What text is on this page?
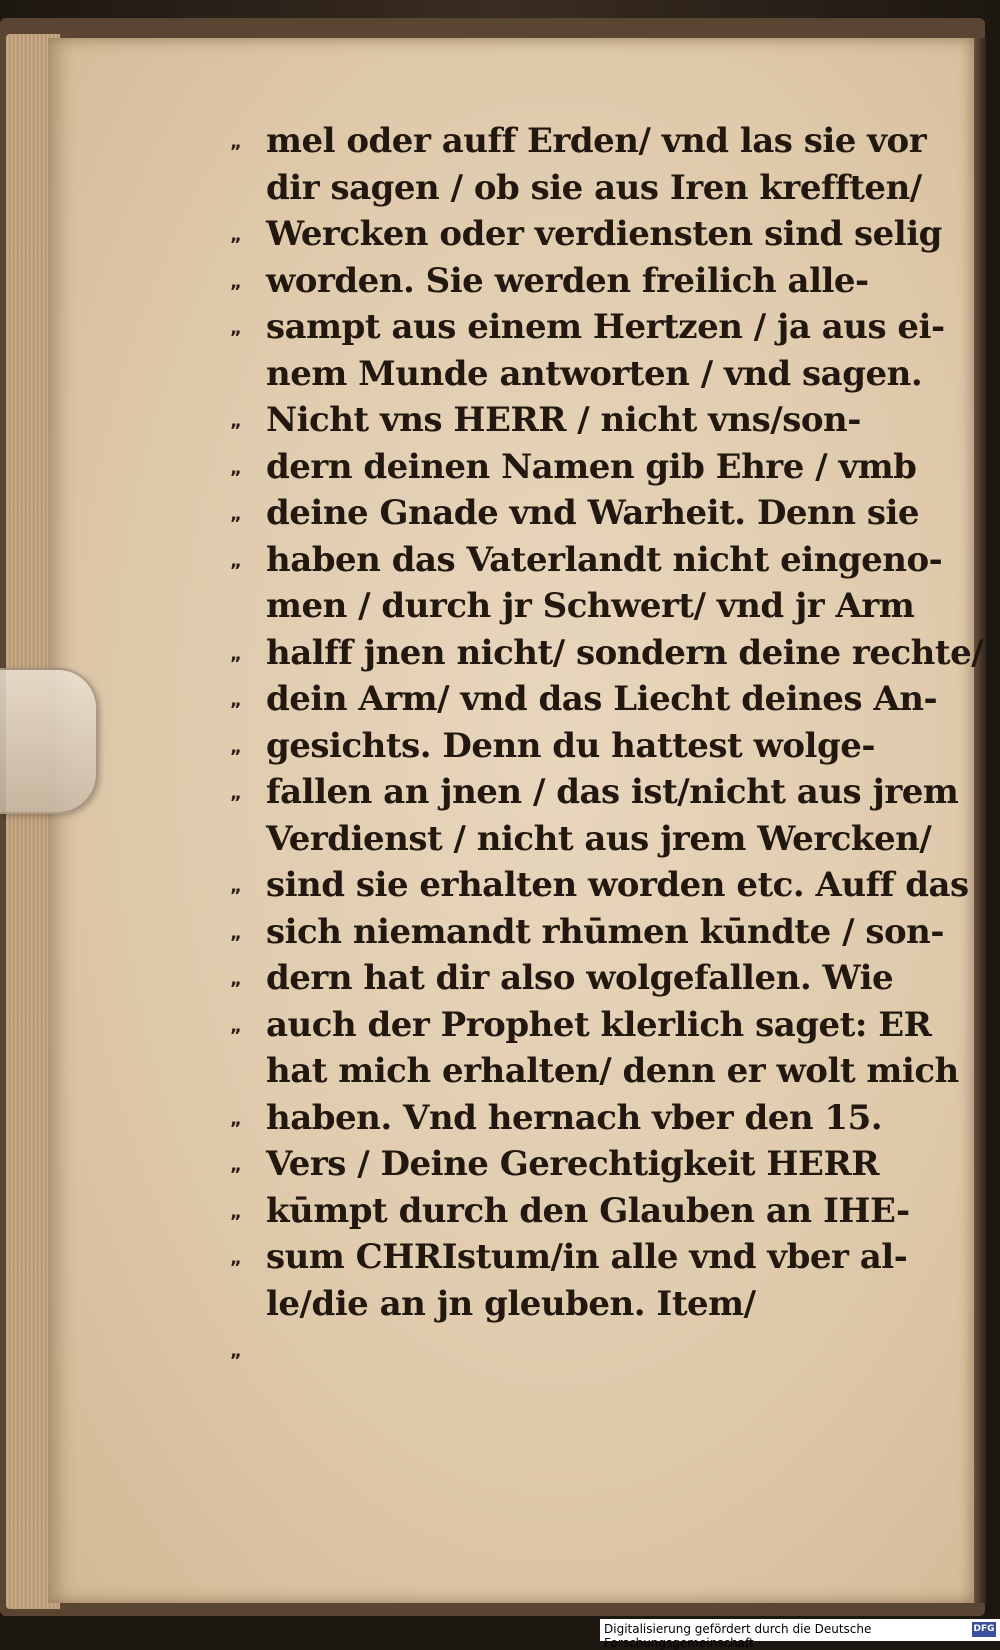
„ mel oder auff Erden/ vnd las sie vor
dir sagen / ob sie aus Iren krefften/
„ Wercken oder verdiensten sind selig
„ worden. Sie werden freilich alle-
„ sampt aus einem Hertzen / ja aus ei-
nem Munde antworten / vnd sagen.
„ Nicht vns HERR / nicht vns/son-
„ dern deinen Namen gib Ehre / vmb
„ deine Gnade vnd Warheit. Denn sie
„ haben das Vaterlandt nicht eingeno-
men / durch jr Schwert/ vnd jr Arm
„ halff jnen nicht/ sondern deine rechte/
„ dein Arm/ vnd das Liecht deines An-
„ gesichts. Denn du hattest wolge-
„ fallen an jnen / das ist/nicht aus jrem
Verdienst / nicht aus jrem Wercken/
„ sind sie erhalten worden etc. Auff das
„ sich niemandt rhūmen kūndte / son-
„ dern hat dir also wolgefallen. Wie
„ auch der Prophet klerlich saget: ER
hat mich erhalten/ denn er wolt mich
„ haben. Vnd hernach vber den 15.
„ Vers / Deine Gerechtigkeit HERR
„ kūmpt durch den Glauben an IHE-
„ sum CHRIstum/in alle vnd vber al-
le/die an jn gleuben. Item/
„
Digitalisierung gefördert durch die Deutsche Forschungsgemeinschaft ·
DFG
